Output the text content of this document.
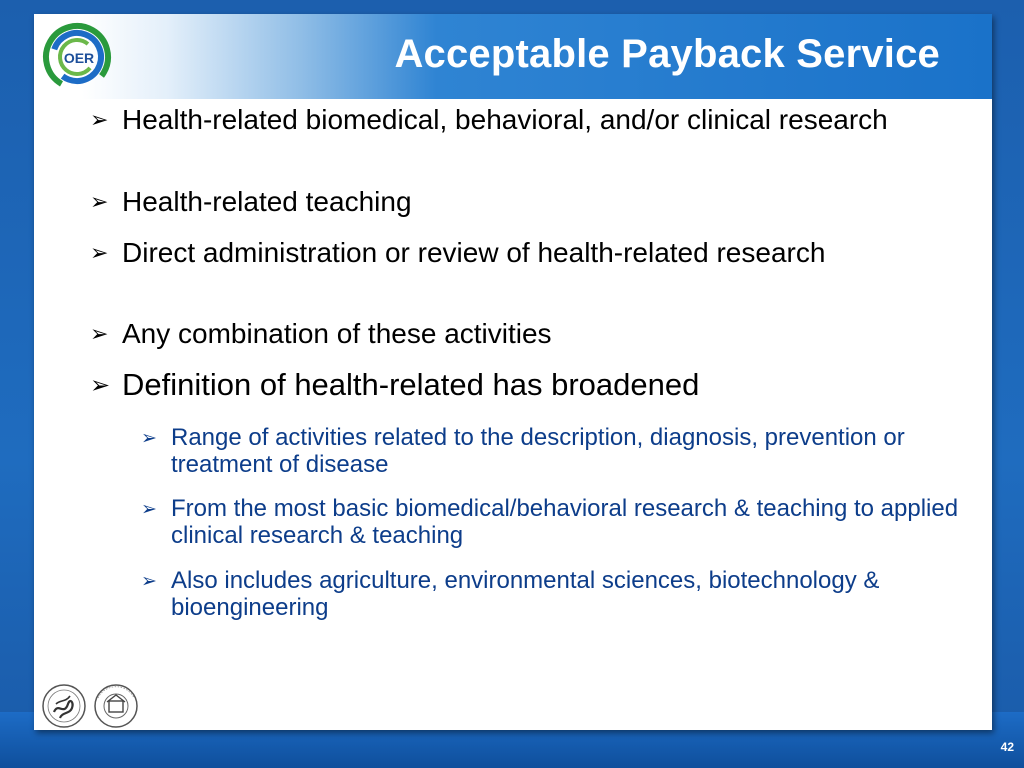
OER	Acceptable Payback Service
➢ Health-related biomedical, behavioral, and/or clinical research
➢ Health-related teaching
➢ Direct administration or review of health-related research
➢ Any combination of these activities
➢ Definition of health-related has broadened
➢ Range of activities related to the description, diagnosis, prevention or treatment of disease
➢ From the most basic biomedical/behavioral research & teaching to applied clinical research & teaching
➢ Also includes agriculture, environmental sciences, biotechnology & bioengineering
42
